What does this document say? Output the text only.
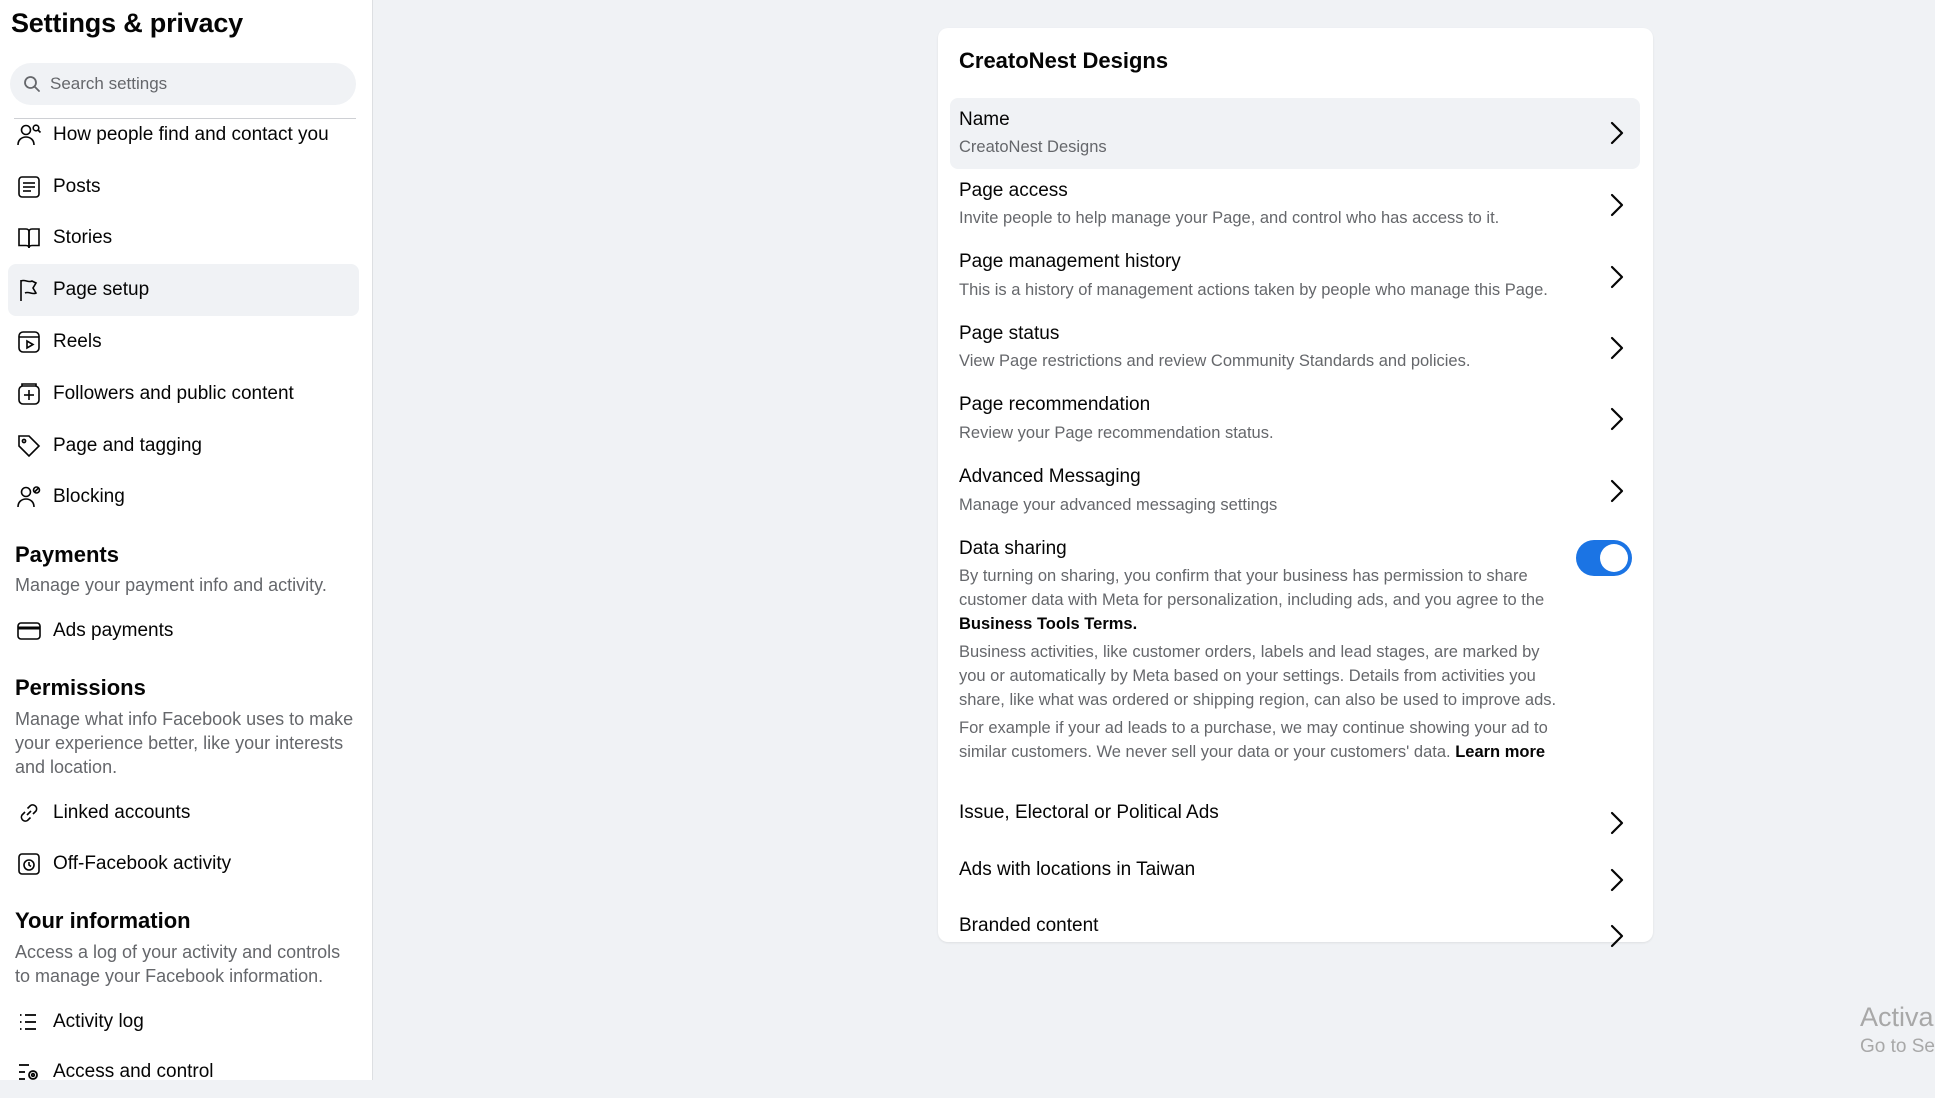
Settings & privacy
Search settings
How people find and contact you
Posts
Stories
Page setup
Reels
Followers and public content
Page and tagging
Blocking
Payments
Manage your payment info and activity.
Ads payments
Permissions
Manage what info Facebook uses to make your experience better, like your interests and location.
Linked accounts
Off-Facebook activity
Your information
Access a log of your activity and controls to manage your Facebook information.
Activity log
Access and control
CreatoNest Designs
Name
CreatoNest Designs
Page access
Invite people to help manage your Page, and control who has access to it.
Page management history
This is a history of management actions taken by people who manage this Page.
Page status
View Page restrictions and review Community Standards and policies.
Page recommendation
Review your Page recommendation status.
Advanced Messaging
Manage your advanced messaging settings
Data sharing
Issue, Electoral or Political Ads
Ads with locations in Taiwan
Branded content
By turning on sharing, you confirm that your business has permission to share customer data with Meta for personalization, including ads, and you agree to the
Business Tools Terms.
Business activities, like customer orders, labels and lead stages, are marked by you or automatically by Meta based on your settings. Details from activities you share, like what was ordered or shipping region, can also be used to improve ads.
For example if your ad leads to a purchase, we may continue showing your ad to similar customers. We never sell your data or your customers' data. Learn more
Activa
Go to Se
